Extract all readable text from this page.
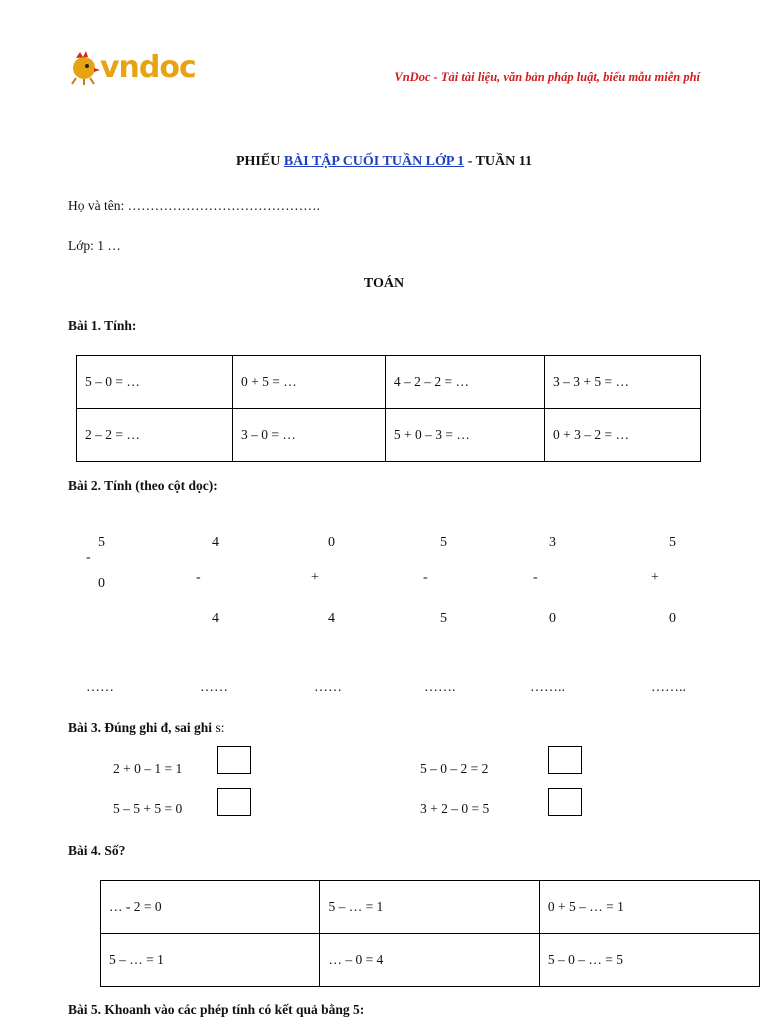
vndoc	VnDoc - Tải tài liệu, văn bản pháp luật, biểu mẫu miễn phí
PHIẾU BÀI TẬP CUỐI TUẦN LỚP 1 - TUẦN 11
Họ và tên: …………………………………….
Lớp: 1 …
TOÁN
Bài 1. Tính:
5 – 0 = …	0 + 5 = …	4 – 2 – 2 = …	3 – 3 + 5 = …
2 – 2 = …	3 – 0 = …	5 + 0 – 3 = …	0 + 3 – 2 = …
Bài 2. Tính (theo cột dọc):
5
-
0
……
4
-
4
……
0
+
4
……
5
-
5
…….
3
-
0
……..
5
+
0
……..
Bài 3. Đúng ghi đ, sai ghi s:
2 + 0 – 1 = 1	5 – 0 – 2 = 2
5 – 5 + 5 = 0	3 + 2 – 0 = 5
Bài 4. Số?
… - 2 = 0	5 – … = 1	0 + 5 – … = 1
5 – … = 1	… – 0 = 4	5 – 0 – … = 5
Bài 5. Khoanh vào các phép tính có kết quả bằng 5:
